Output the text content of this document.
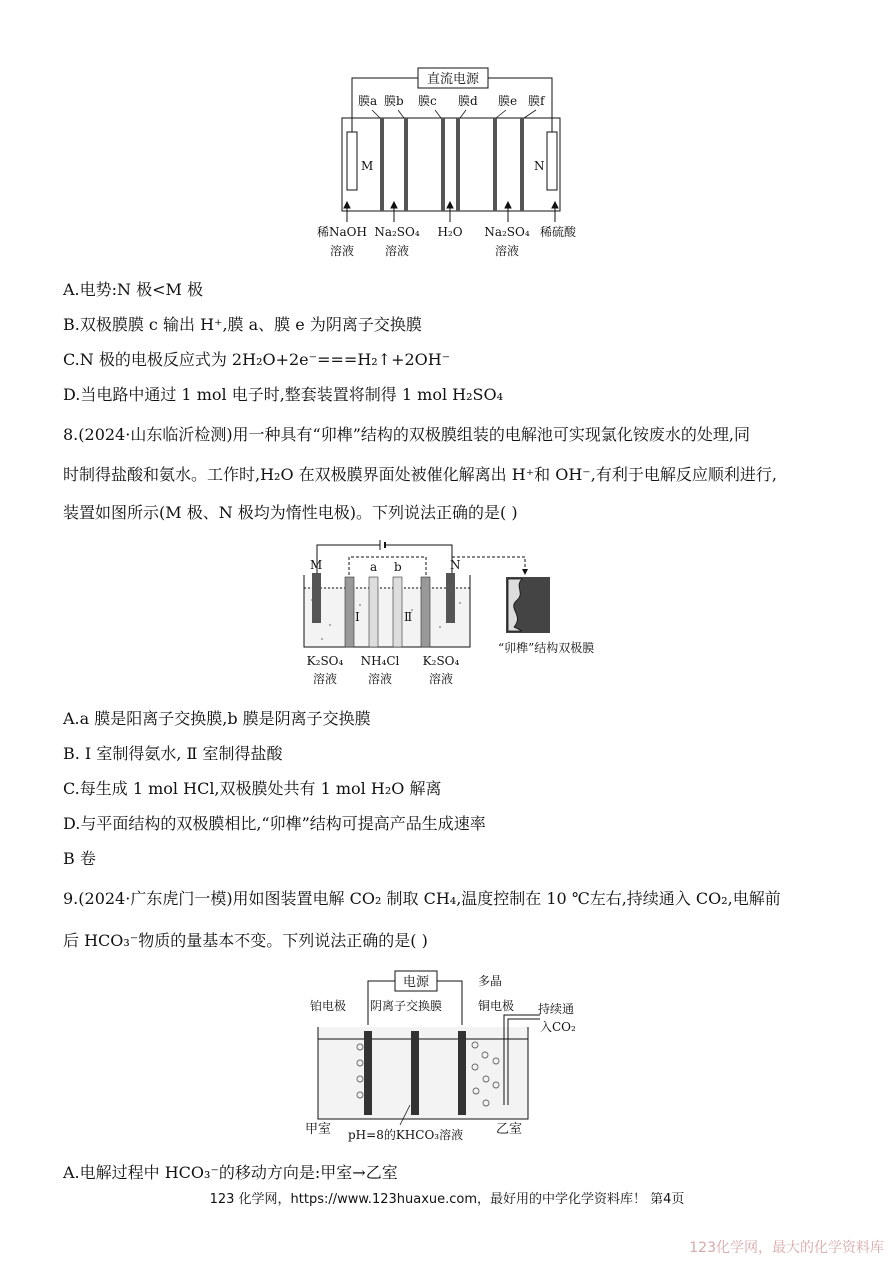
直流电源
膜a 膜b 膜c 膜d 膜e 膜f
M	N
稀NaOH
溶液
Na₂SO₄
溶液
H₂O Na₂SO₄
溶液
稀硫酸
A.电势:N 极<M 极
B.双极膜膜 c 输出 H⁺,膜 a、膜 e 为阴离子交换膜
C.N 极的电极反应式为 2H₂O+2e⁻===H₂↑+2OH⁻
D.当电路中通过 1 mol 电子时,整套装置将制得 1 mol H₂SO₄
8.(2024·山东临沂检测)用一种具有“卯榫”结构的双极膜组装的电解池可实现氯化铵废水的处理,同
时制得盐酸和氨水。工作时,H₂O 在双极膜界面处被催化解离出 H⁺和 OH⁻,有利于电解反应顺利进行,
装置如图所示(M 极、N 极均为惰性电极)。下列说法正确的是( )
M	N
a b
Ⅰ	Ⅱ
“卯榫”结构双极膜
K₂SO₄
溶液
NH₄Cl
溶液
K₂SO₄
溶液
A.a 膜是阳离子交换膜,b 膜是阴离子交换膜
B. Ⅰ 室制得氨水, Ⅱ 室制得盐酸
C.每生成 1 mol HCl,双极膜处共有 1 mol H₂O 解离
D.与平面结构的双极膜相比,“卯榫”结构可提高产品生成速率
B 卷
9.(2024·广东虎门一模)用如图装置电解 CO₂ 制取 CH₄,温度控制在 10 ℃左右,持续通入 CO₂,电解前
后 HCO₃⁻物质的量基本不变。下列说法正确的是( )
电源
铂电极 阴离子交换膜
多晶
铜电极 持续通
入CO₂
甲室	乙室
pH=8的KHCO₃溶液
A.电解过程中 HCO₃⁻的移动方向是:甲室→乙室
123 化学网，https://www.123huaxue.com，最好用的中学化学资料库！ 第4页
123化学网，最大的化学资料库
